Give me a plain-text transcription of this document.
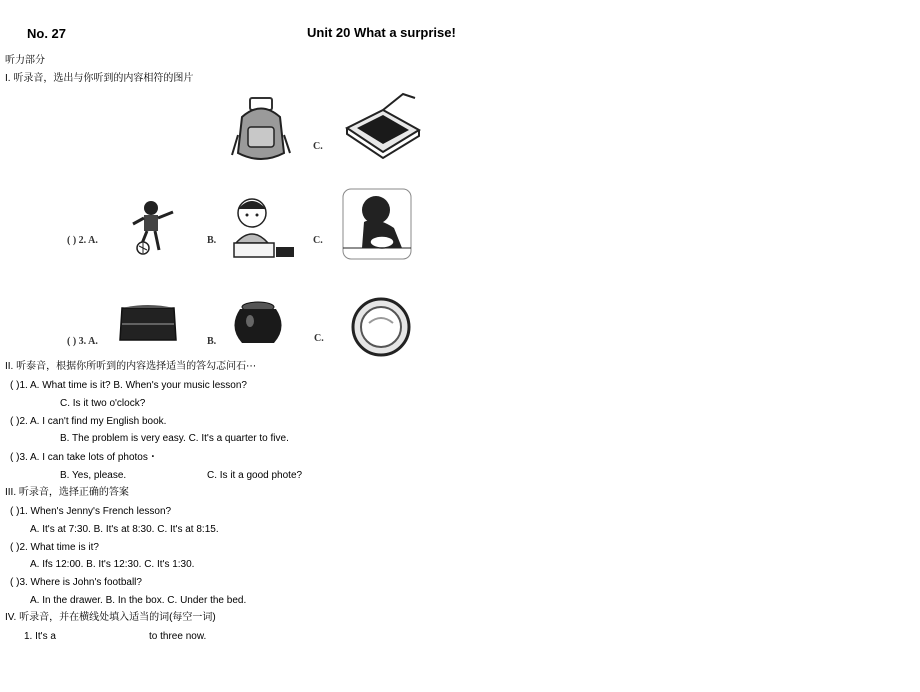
No. 27	Unit 20 What a surprise!
听力部分
I. 听录音，选出与你听到的内容相符的图片
C.
( ) 2. A.	B.	C.
( ) 3. A.	B.	C.
II. 听泰音，根据你所听到的内容选择适当的答勾忑问石⋯
( )1. A. What time is it? B. When's your music lesson?
C. Is it two o'clock?
( )2. A. I can't find my English book.
B. The problem is very easy. C. It's a quarter to five.
( )3. A. I can take lots of photos・
B. Yes, please.	C. Is it a good phote?
III. 听录音，选择正确的答案
( )1. When's Jenny's French lesson?
A. It's at 7:30. B. It's at 8:30. C. It's at 8:15.
( )2. What time is it?
A. Ifs 12:00. B. It's 12:30. C. It's 1:30.
( )3. Where is John's football?
A. In the drawer. B. In the box. C. Under the bed.
IV. 听录音，并在横线处填入适当的词(每空一词)
1. It's a	to three now.
